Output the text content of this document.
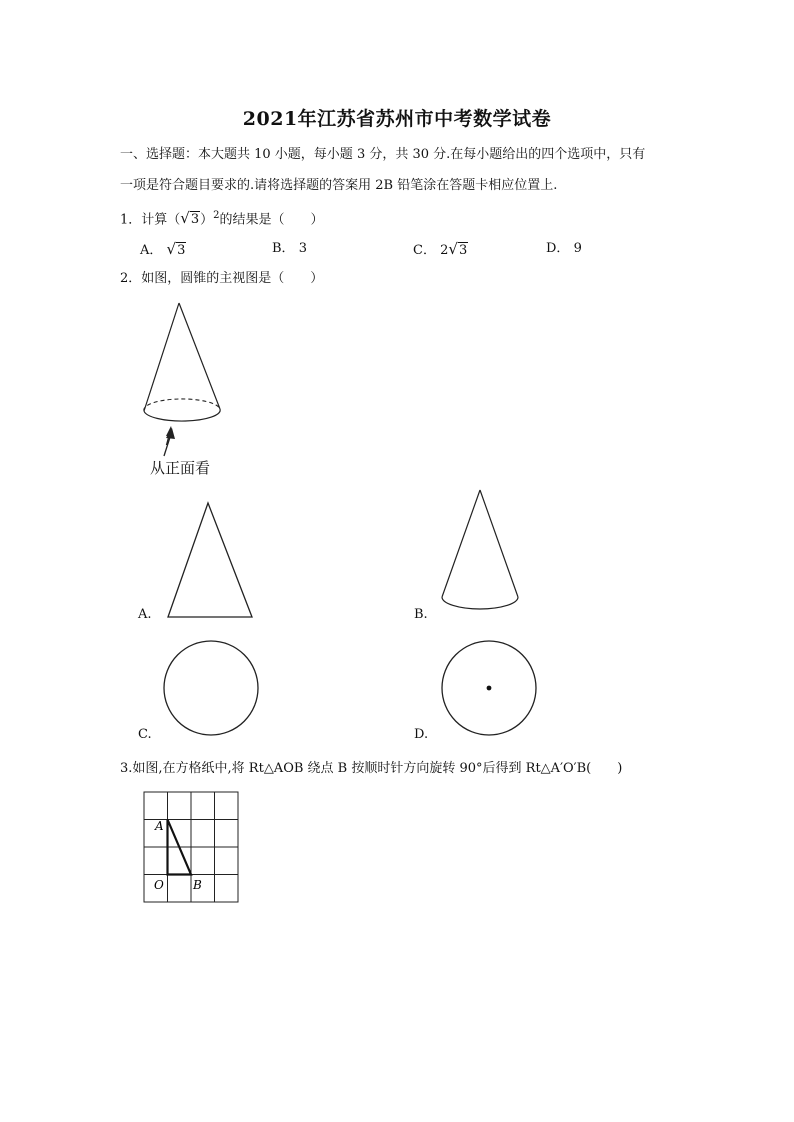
2021年江苏省苏州市中考数学试卷
一、选择题：本大题共 10 小题，每小题 3 分，共 30 分.在每小题给出的四个选项中，只有
一项是符合题目要求的.请将选择题的答案用 2B 铅笔涂在答题卡相应位置上.
1．计算$(√3)^2$的结果是（　　）
A． √3	B． 3	C． 2√3	D． 9
2．如图，圆锥的主视图是（　　）
从正面看
A.	B.
C.	D.
3.如图,在方格纸中,将 Rt△AOB 绕点 B 按顺时针方向旋转 90°后得到 Rt△A′O′B(　　)
A
O B
